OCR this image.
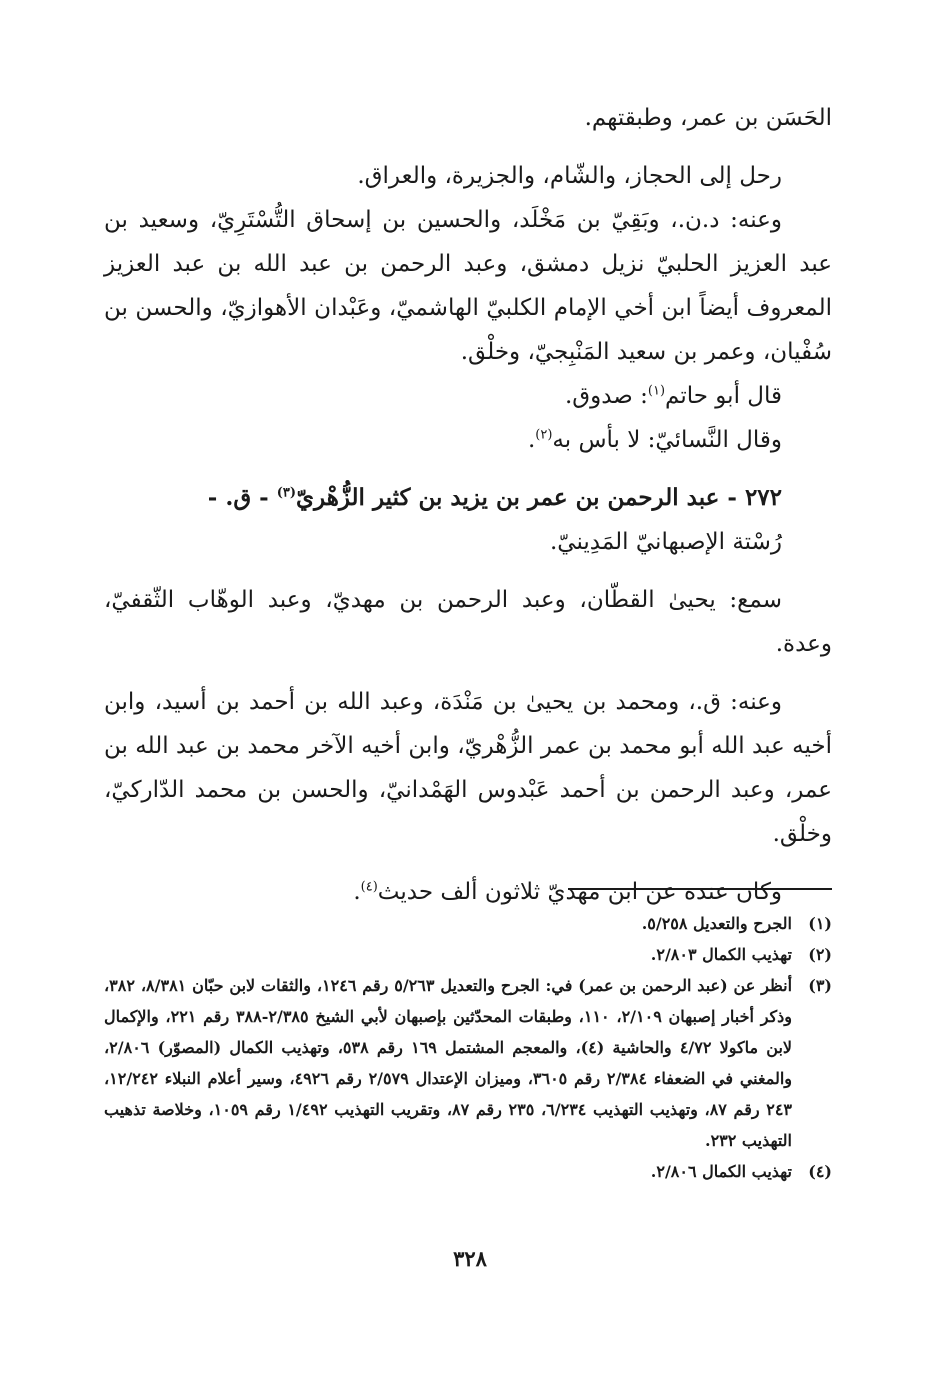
الحَسَن بن عمر، وطبقتهم.

رحل إلى الحجاز، والشّام، والجزيرة، والعراق.

وعنه: د.ن.، وبَقِيّ بن مَخْلَد، والحسين بن إسحاق التُّسْتَرِيّ، وسعيد بن عبد العزيز الحلبيّ نزيل دمشق، وعبد الرحمن بن عبد الله بن عبد العزيز المعروف أيضاً ابن أخي الإمام الكلبيّ الهاشميّ، وعَبْدان الأهوازيّ، والحسن بن سُفْيان، وعمر بن سعيد المَنْبِجيّ، وخلْق.

قال أبو حاتم$^{(١)}$: صدوق.

وقال النَّسائيّ: لا بأس به$^{(٢)}$.

٢٧٢ - عبد الرحمن بن عمر بن يزيد بن كثير الزُّهْريّ$^{(٣)}$ - ق. -

رُسْتة الإصبهانيّ المَدِينيّ.

سمع: يحيىٰ القطّان، وعبد الرحمن بن مهديّ، وعبد الوهّاب الثّقفيّ، وعدة.

وعنه: ق.، ومحمد بن يحيىٰ بن مَنْدَة، وعبد الله بن أحمد بن أسيد، وابن أخيه عبد الله أبو محمد بن عمر الزُّهْريّ، وابن أخيه الآخر محمد بن عبد الله بن عمر، وعبد الرحمن بن أحمد عَبْدوس الهَمْدانيّ، والحسن بن محمد الدّاركيّ، وخلْق.

وكان عنده عن ابن مهديّ ثلاثون ألف حديث$^{(٤)}$.

(١)
الجرح والتعديل ٥/٢٥٨.
(٢)
تهذيب الكمال ٢/٨٠٣.
(٣)
أنظر عن (عبد الرحمن بن عمر) في: الجرح والتعديل ٥/٢٦٣ رقم ١٢٤٦، والثقات لابن حبّان ٨/٣٨١، ٣٨٢، وذكر أخبار إصبهان ٢/١٠٩، ١١٠، وطبقات المحدّثين بإصبهان لأبي الشيخ ٢/٣٨٥-٣٨٨ رقم ٢٢١، والإكمال لابن ماكولا ٤/٧٢ والحاشية (٤)، والمعجم المشتمل ١٦٩ رقم ٥٣٨، وتهذيب الكمال (المصوّر) ٢/٨٠٦، والمغني في الضعفاء ٢/٣٨٤ رقم ٣٦٠٥، وميزان الإعتدال ٢/٥٧٩ رقم ٤٩٢٦، وسير أعلام النبلاء ١٢/٢٤٢، ٢٤٣ رقم ٨٧، وتهذيب التهذيب ٦/٢٣٤، ٢٣٥ رقم ٨٧، وتقريب التهذيب ١/٤٩٢ رقم ١٠٥٩، وخلاصة تذهيب التهذيب ٢٣٢.
(٤)
تهذيب الكمال ٢/٨٠٦.
٣٢٨
